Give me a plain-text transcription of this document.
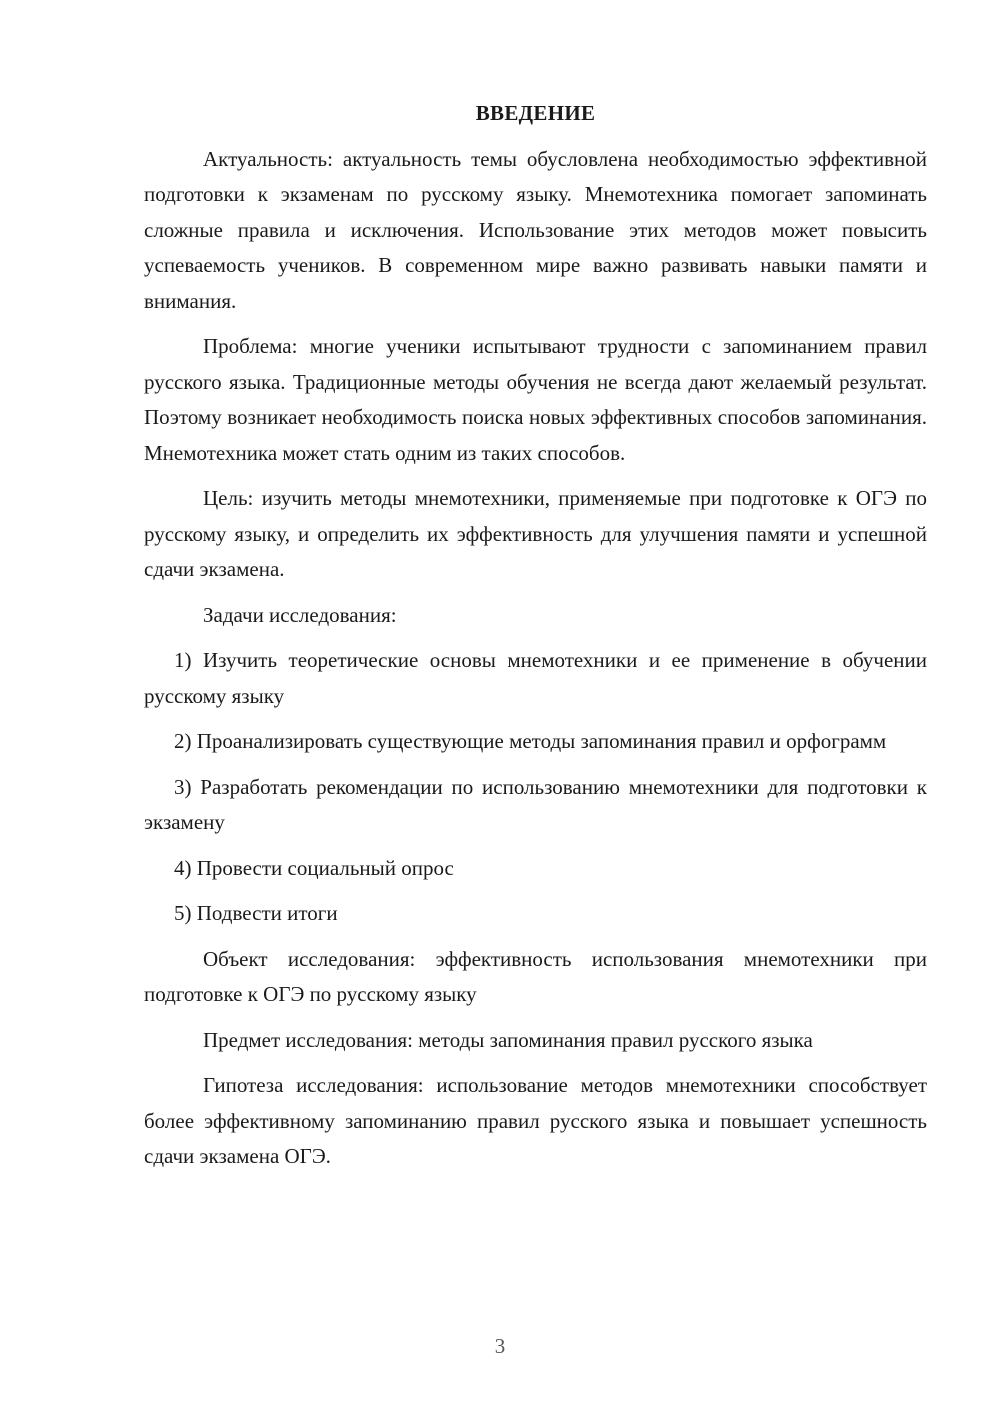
ВВЕДЕНИЕ

Актуальность: актуальность темы обусловлена необходимостью эффективной подготовки к экзаменам по русскому языку. Мнемотехника помогает запоминать сложные правила и исключения. Использование этих методов может повысить успеваемость учеников. В современном мире важно развивать навыки памяти и внимания.

Проблема: многие ученики испытывают трудности с запоминанием правил русского языка. Традиционные методы обучения не всегда дают желаемый результат. Поэтому возникает необходимость поиска новых эффективных способов запоминания. Мнемотехника может стать одним из таких способов.

Цель: изучить методы мнемотехники, применяемые при подготовке к ОГЭ по русскому языку, и определить их эффективность для улучшения памяти и успешной сдачи экзамена.

Задачи исследования:

1) Изучить теоретические основы мнемотехники и ее применение в обучении русскому языку

2) Проанализировать существующие методы запоминания правил и орфограмм

3) Разработать рекомендации по использованию мнемотехники для подготовки к экзамену

4) Провести социальный опрос

5) Подвести итоги

Объект исследования: эффективность использования мнемотехники при подготовке к ОГЭ по русскому языку

Предмет исследования: методы запоминания правил русского языка

Гипотеза исследования: использование методов мнемотехники способствует более эффективному запоминанию правил русского языка и повышает успешность сдачи экзамена ОГЭ.

3
